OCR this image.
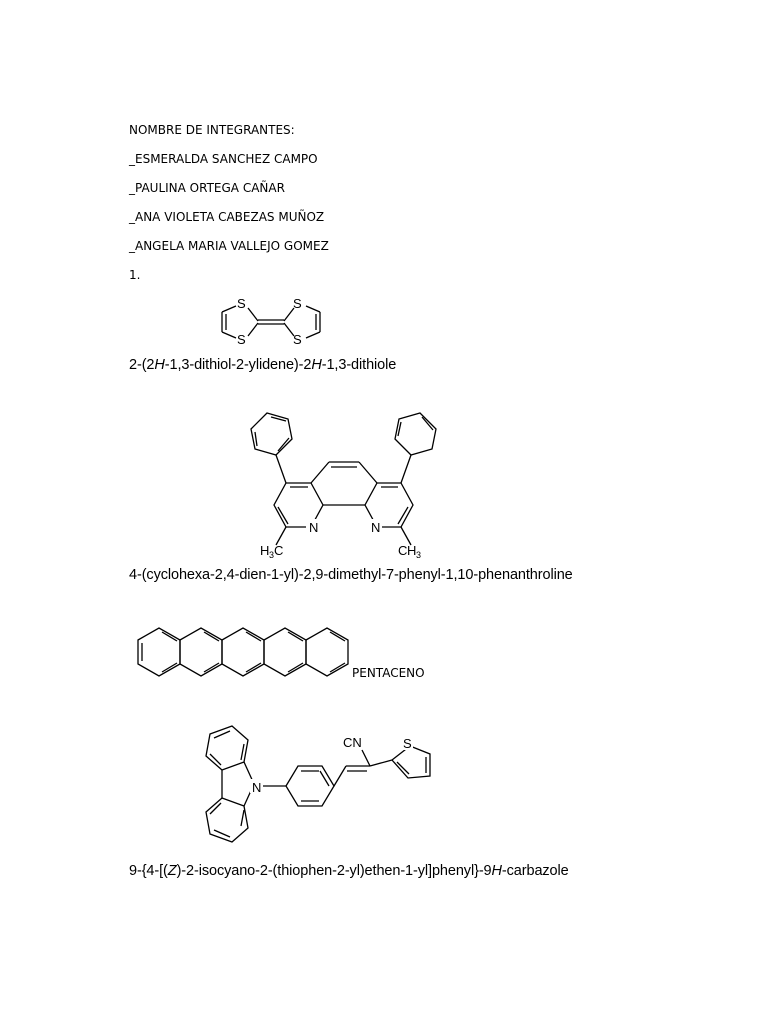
NOMBRE DE INTEGRANTES:
_ESMERALDA SANCHEZ CAMPO
_PAULINA ORTEGA CAÑAR
_ANA VIOLETA CABEZAS MUÑOZ
_ANGELA MARIA VALLEJO GOMEZ
1.
S
S
S
S
2-(2H-1,3-dithiol-2-ylidene)-2H-1,3-dithiole
N	N
H 3 C	C H 3
4-(cyclohexa-2,4-dien-1-yl)-2,9-dimethyl-7-phenyl-1,10-phenanthroline
PENTACENO
N
CN	S
9-{4-[(Z)-2-isocyano-2-(thiophen-2-yl)ethen-1-yl]phenyl}-9H-carbazole
